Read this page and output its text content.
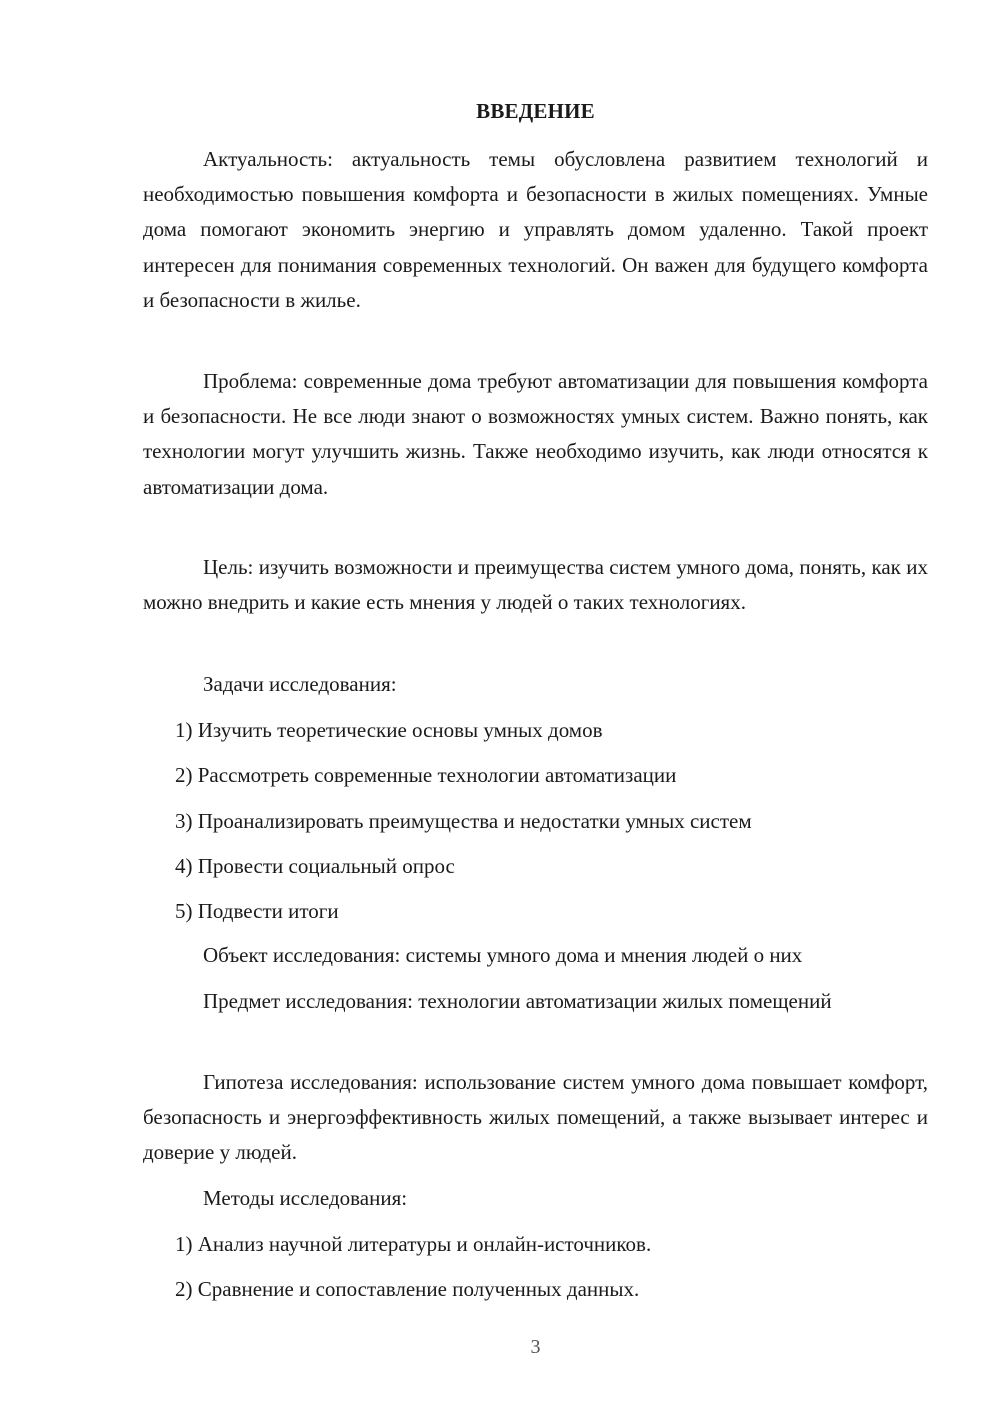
ВВЕДЕНИЕ

Актуальность: актуальность темы обусловлена развитием технологий и необходимостью повышения комфорта и безопасности в жилых помещениях. Умные дома помогают экономить энергию и управлять домом удаленно. Такой проект интересен для понимания современных технологий. Он важен для будущего комфорта и безопасности в жилье.

Проблема: современные дома требуют автоматизации для повышения комфорта и безопасности. Не все люди знают о возможностях умных систем. Важно понять, как технологии могут улучшить жизнь. Также необходимо изучить, как люди относятся к автоматизации дома.

Цель: изучить возможности и преимущества систем умного дома, понять, как их можно внедрить и какие есть мнения у людей о таких технологиях.

Задачи исследования:
1) Изучить теоретические основы умных домов
2) Рассмотреть современные технологии автоматизации
3) Проанализировать преимущества и недостатки умных систем
4) Провести социальный опрос
5) Подвести итоги

Объект исследования: системы умного дома и мнения людей о них

Предмет исследования: технологии автоматизации жилых помещений

Гипотеза исследования: использование систем умного дома повышает комфорт, безопасность и энергоэффективность жилых помещений, а также вызывает интерес и доверие у людей.

Методы исследования:
1) Анализ научной литературы и онлайн-источников.
2) Сравнение и сопоставление полученных данных.
3
